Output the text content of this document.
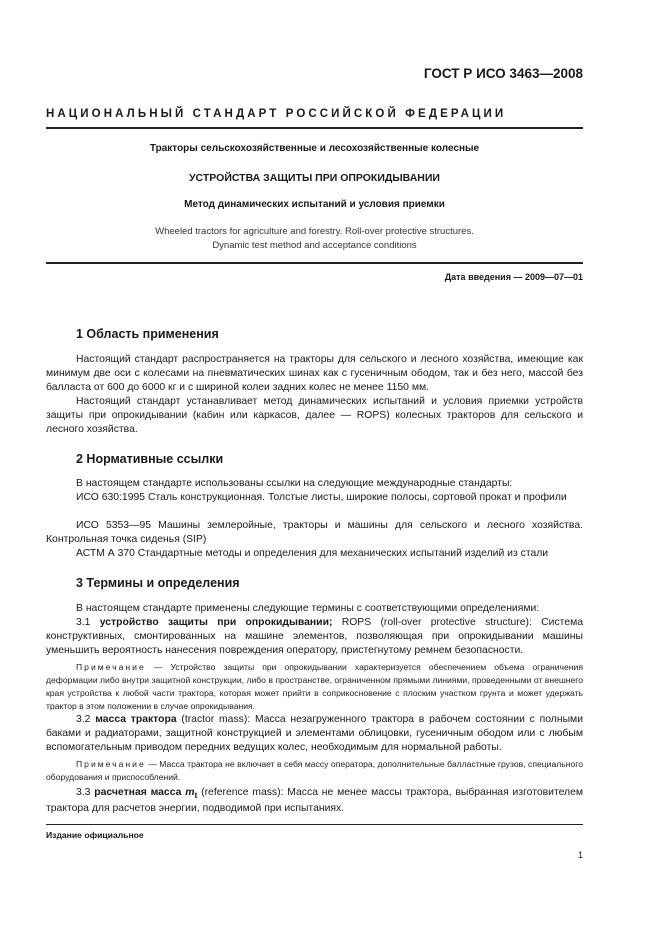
ГОСТ Р ИСО 3463—2008
НАЦИОНАЛЬНЫЙ СТАНДАРТ РОССИЙСКОЙ ФЕДЕРАЦИИ
Тракторы сельскохозяйственные и лесохозяйственные колесные
УСТРОЙСТВА ЗАЩИТЫ ПРИ ОПРОКИДЫВАНИИ
Метод динамических испытаний и условия приемки
Wheeled tractors for agriculture and forestry. Roll-over protective structures.
Dynamic test method and acceptance conditions
Дата введения — 2009—07—01
1 Область применения
Настоящий стандарт распространяется на тракторы для сельского и лесного хозяйства, имеющие как минимум две оси с колесами на пневматических шинах как с гусеничным ободом, так и без него, массой без балласта от 600 до 6000 кг и с шириной колеи задних колес не менее 1150 мм.
Настоящий стандарт устанавливает метод динамических испытаний и условия приемки устройств защиты при опрокидывании (кабин или каркасов, далее — ROPS) колесных тракторов для сельского и лесного хозяйства.
2 Нормативные ссылки
В настоящем стандарте использованы ссылки на следующие международные стандарты:
ИСО 630:1995 Сталь конструкционная. Толстые листы, широкие полосы, сортовой прокат и профили
ИСО 5353—95 Машины землеройные, тракторы и машины для сельского и лесного хозяйства. Контрольная точка сиденья (SIP)
АСТМ А 370 Стандартные методы и определения для механических испытаний изделий из стали
3 Термины и определения
В настоящем стандарте применены следующие термины с соответствующими определениями:
3.1 устройство защиты при опрокидывании; ROPS (roll-over protective structure): Система конструктивных, смонтированных на машине элементов, позволяющая при опрокидывании машины уменьшить вероятность нанесения повреждения оператору, пристегнутому ремнем безопасности.
Примечание — Устройство защиты при опрокидывании характеризуется обеспечением объема ограничения деформации либо внутри защитной конструкции, либо в пространстве, ограниченном прямыми линиями, проведенными от внешнего края устройства к любой части трактора, которая может прийти в соприкосновение с плоским участком грунта и может удержать трактор в этом положении в случае опрокидывания.
3.2 масса трактора (tractor mass): Масса незагруженного трактора в рабочем состоянии с полными баками и радиаторами, защитной конструкцией и элементами облицовки, гусеничным ободом или с любым вспомогательным приводом передних ведущих колес, необходимым для нормальной работы.
Примечание — Масса трактора не включает в себя массу оператора, дополнительные балластные грузов, специального оборудования и приспособлений.
3.3 расчетная масса $m_t$ (reference mass): Масса не менее массы трактора, выбранная изготовителем трактора для расчетов энергии, подводимой при испытаниях.
Издание официальное
1
